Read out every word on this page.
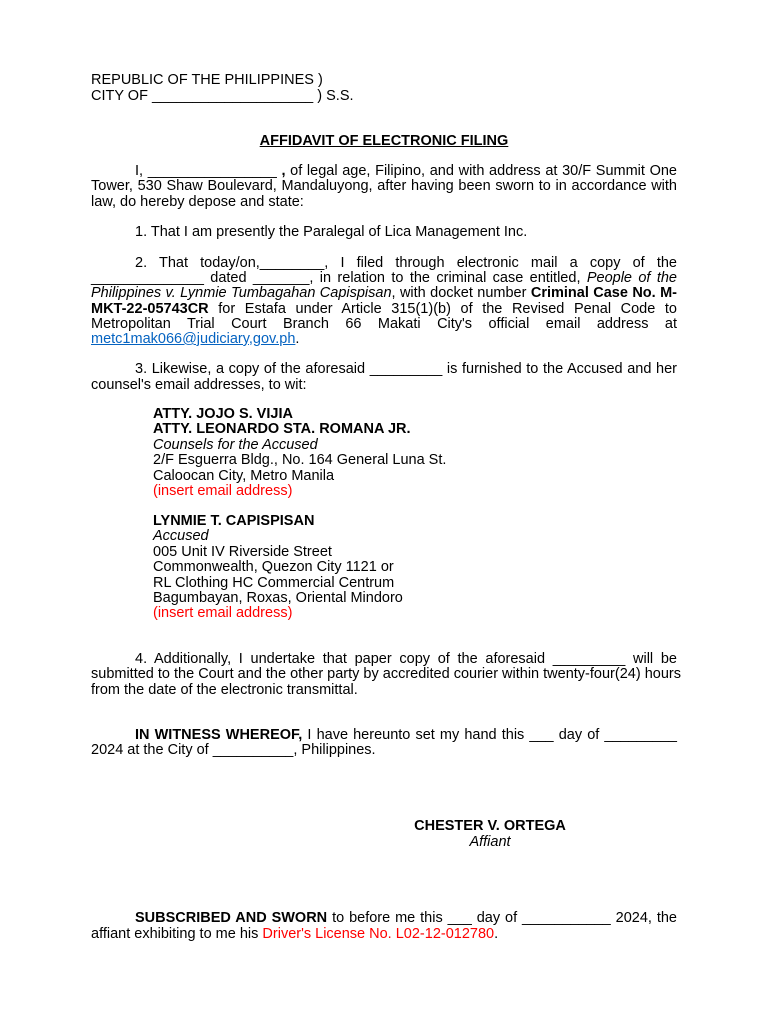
REPUBLIC OF THE PHILIPPINES )
CITY OF ____________________ ) S.S.
AFFIDAVIT OF ELECTRONIC FILING
I, ________________ , of legal age, Filipino, and with address at 30/F Summit One
Tower, 530 Shaw Boulevard, Mandaluyong, after having been sworn to in accordance with
law, do hereby depose and state:
1. That I am presently the Paralegal of Lica Management Inc.
2. That today/on,________, I filed through electronic mail a copy of the
______________ dated _______, in relation to the criminal case entitled, People of the
Philippines v. Lynmie Tumbagahan Capispisan, with docket number Criminal Case No. M-
MKT-22-05743CR for Estafa under Article 315(1)(b) of the Revised Penal Code to
Metropolitan Trial Court Branch 66 Makati City's official email address at
metc1mak066@judiciary,gov.ph.
3. Likewise, a copy of the aforesaid _________ is furnished to the Accused and her
counsel's email addresses, to wit:
ATTY. JOJO S. VIJIA
ATTY. LEONARDO STA. ROMANA JR.
Counsels for the Accused
2/F Esguerra Bldg., No. 164 General Luna St.
Caloocan City, Metro Manila
(insert email address)
LYNMIE T. CAPISPISAN
Accused
005 Unit IV Riverside Street
Commonwealth, Quezon City 1121 or
RL Clothing HC Commercial Centrum
Bagumbayan, Roxas, Oriental Mindoro
(insert email address)
4. Additionally, I undertake that paper copy of the aforesaid _________ will be
submitted to the Court and the other party by accredited courier within twenty-four(24) hours
from the date of the electronic transmittal.
IN WITNESS WHEREOF, I have hereunto set my hand this ___ day of _________
2024 at the City of __________, Philippines.
CHESTER V. ORTEGA
Affiant
SUBSCRIBED AND SWORN to before me this ___ day of ___________ 2024, the
affiant exhibiting to me his Driver's License No. L02-12-012780.
